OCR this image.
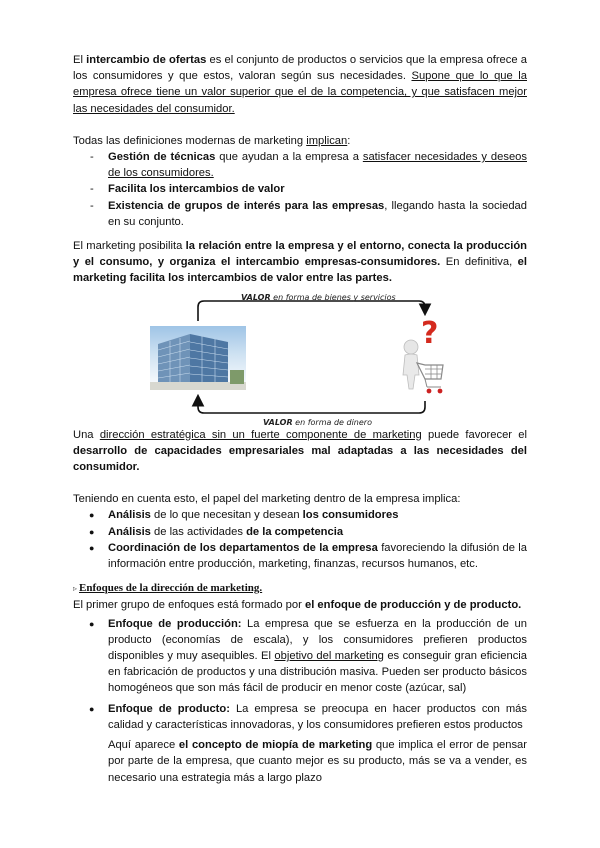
El intercambio de ofertas es el conjunto de productos o servicios que la empresa ofrece a los consumidores y que estos, valoran según sus necesidades. Supone que lo que la empresa ofrece tiene un valor superior que el de la competencia, y que satisfacen mejor las necesidades del consumidor.

Todas las definiciones modernas de marketing implican:

- Gestión de técnicas que ayudan a la empresa a satisfacer necesidades y deseos de los consumidores.
- Facilita los intercambios de valor
- Existencia de grupos de interés para las empresas, llegando hasta la sociedad en su conjunto.

El marketing posibilita la relación entre la empresa y el entorno, conecta la producción y el consumo, y organiza el intercambio empresas-consumidores. En definitiva, el marketing facilita los intercambios de valor entre las partes.

VALOR en forma de bienes y servicios
?
VALOR en forma de dinero

Una dirección estratégica sin un fuerte componente de marketing puede favorecer el desarrollo de capacidades empresariales mal adaptadas a las necesidades del consumidor.

Teniendo en cuenta esto, el papel del marketing dentro de la empresa implica:

● Análisis de lo que necesitan y desean los consumidores
● Análisis de las actividades de la competencia
● Coordinación de los departamentos de la empresa favoreciendo la difusión de la información entre producción, marketing, finanzas, recursos humanos, etc.

▹ Enfoques de la dirección de marketing.

El primer grupo de enfoques está formado por el enfoque de producción y de producto.

● Enfoque de producción: La empresa que se esfuerza en la producción de un producto (economías de escala), y los consumidores prefieren productos disponibles y muy asequibles. El objetivo del marketing es conseguir gran eficiencia en fabricación de productos y una distribución masiva. Pueden ser producto básicos homogéneos que son más fácil de producir en menor coste (azúcar, sal)
● Enfoque de producto: La empresa se preocupa en hacer productos con más calidad y características innovadoras, y los consumidores prefieren estos productos

Aquí aparece el concepto de miopía de marketing que implica el error de pensar por parte de la empresa, que cuanto mejor es su producto, más se va a vender, es necesario una estrategia más a largo plazo
